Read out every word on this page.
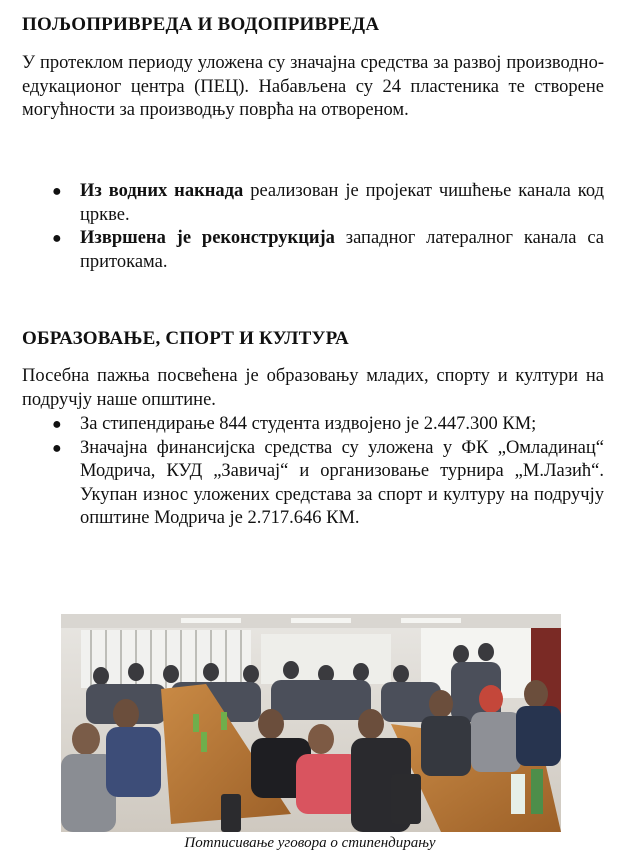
ПОЉОПРИВРЕДА И ВОДОПРИВРЕДА
У протеклом периоду уложена су значајна средства за развој производно-едукационог центра (ПЕЦ). Набављена су 24 пластеника те створене могућности за производњу поврћа на отвореном.
● Из водних накнада реализован је пројекат чишћење канала код цркве.
● Извршена је реконструкција западног латералног канала са притокама.
ОБРАЗОВАЊЕ, СПОРТ И КУЛТУРА
Посебна пажња посвећена је образовању младих, спорту и култури на подручју наше општине.
● За стипендирање 844 студента издвојено је 2.447.300 КМ;
● Значајна финансијска средства су уложена у ФК „Омладинац“ Модрича, КУД „Завичај“ и организовање турнира „М.Лазић“. Укупан износ уложених средстава за спорт и културу на подручју општине Модрича је 2.717.646 КМ.
Потписивање уговора о стипендирању
